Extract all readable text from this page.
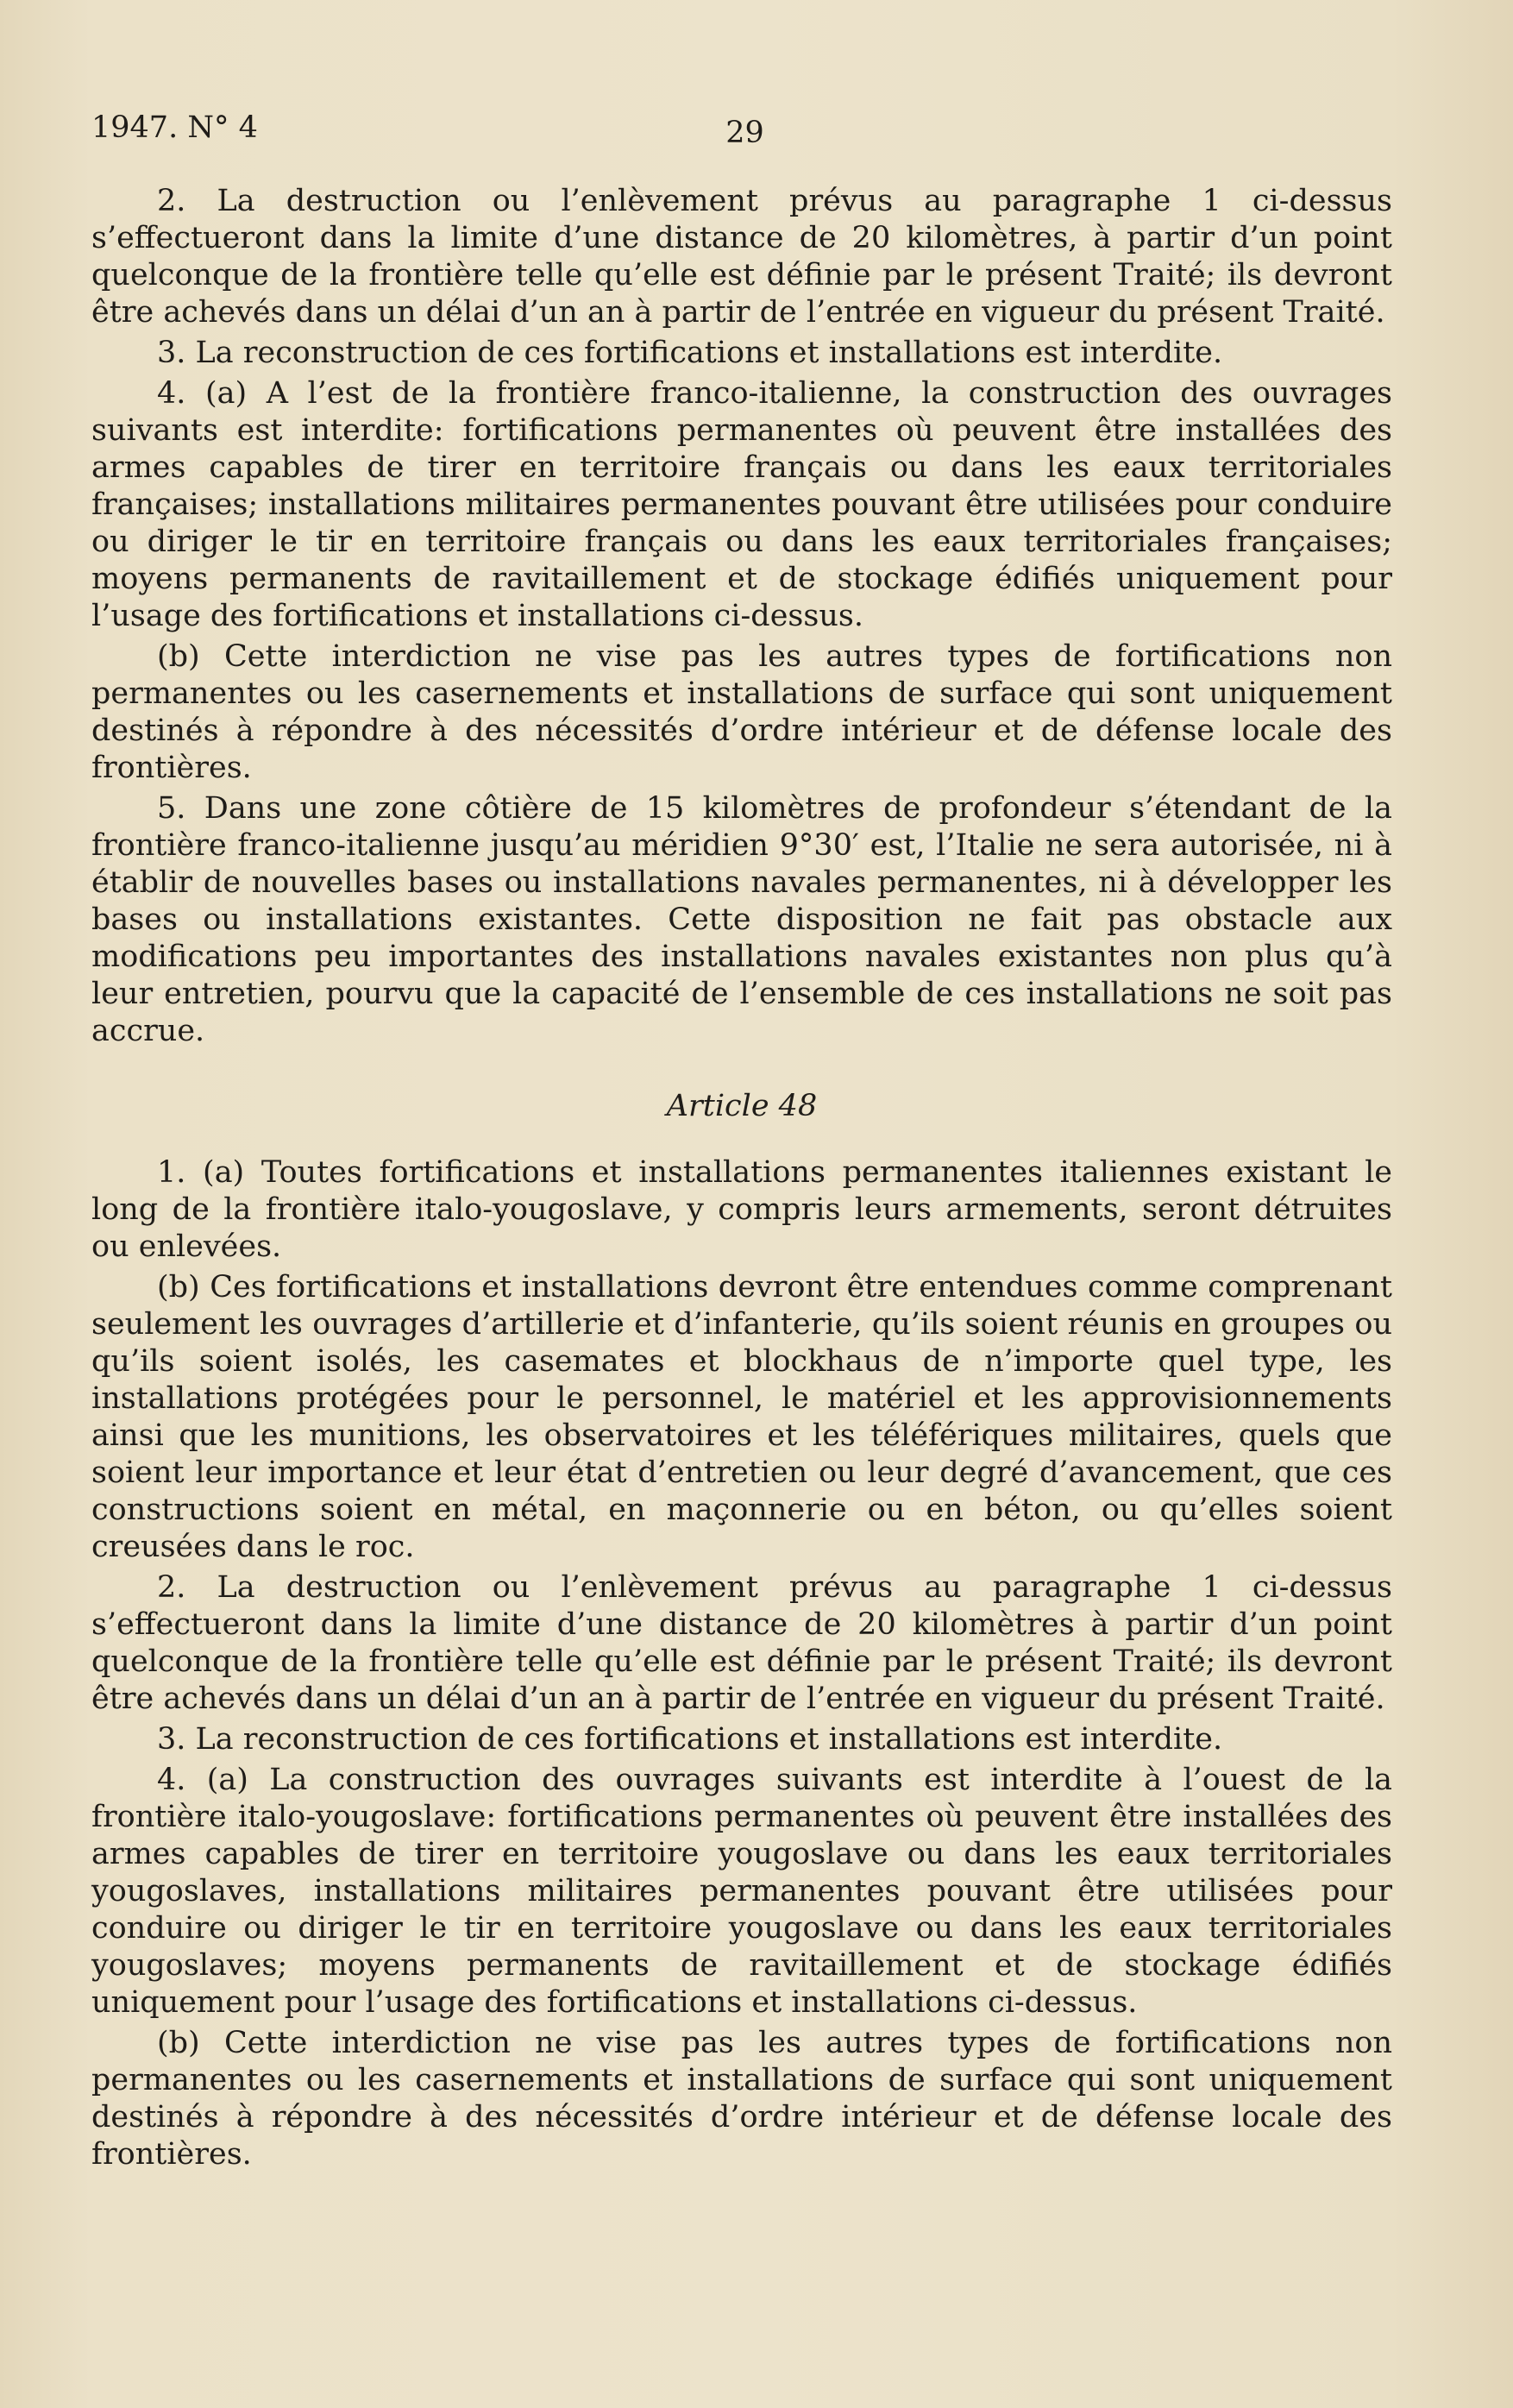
1947. N° 4	29

2. La destruction ou l’enlèvement prévus au paragraphe 1 ci-dessus s’effectueront dans la limite d’une distance de 20 kilomètres, à partir d’un point quelconque de la frontière telle qu’elle est définie par le présent Traité; ils devront être achevés dans un délai d’un an à partir de l’entrée en vigueur du présent Traité.

3. La reconstruction de ces fortifications et installations est interdite.

4. (a) A l’est de la frontière franco-italienne, la construction des ouvrages suivants est interdite: fortifications permanentes où peuvent être installées des armes capables de tirer en territoire français ou dans les eaux territoriales françaises; installations militaires permanentes pouvant être utilisées pour conduire ou diriger le tir en territoire français ou dans les eaux territoriales françaises; moyens permanents de ravitaillement et de stockage édifiés uniquement pour l’usage des fortifications et installations ci-dessus.

(b) Cette interdiction ne vise pas les autres types de fortifications non permanentes ou les casernements et installations de surface qui sont uniquement destinés à répondre à des nécessités d’ordre intérieur et de défense locale des frontières.

5. Dans une zone côtière de 15 kilomètres de profondeur s’étendant de la frontière franco-italienne jusqu’au méridien 9°30′ est, l’Italie ne sera autorisée, ni à établir de nouvelles bases ou installations navales permanentes, ni à développer les bases ou installations existantes. Cette disposition ne fait pas obstacle aux modifications peu importantes des installations navales existantes non plus qu’à leur entretien, pourvu que la capacité de l’ensemble de ces installations ne soit pas accrue.

Article 48

1. (a) Toutes fortifications et installations permanentes italiennes existant le long de la frontière italo-yougoslave, y compris leurs armements, seront détruites ou enlevées.

(b) Ces fortifications et installations devront être entendues comme comprenant seulement les ouvrages d’artillerie et d’infanterie, qu’ils soient réunis en groupes ou qu’ils soient isolés, les casemates et blockhaus de n’importe quel type, les installations protégées pour le personnel, le matériel et les approvisionnements ainsi que les munitions, les observatoires et les téléfériques militaires, quels que soient leur importance et leur état d’entretien ou leur degré d’avancement, que ces constructions soient en métal, en maçonnerie ou en béton, ou qu’elles soient creusées dans le roc.

2. La destruction ou l’enlèvement prévus au paragraphe 1 ci-dessus s’effectueront dans la limite d’une distance de 20 kilomètres à partir d’un point quelconque de la frontière telle qu’elle est définie par le présent Traité; ils devront être achevés dans un délai d’un an à partir de l’entrée en vigueur du présent Traité.

3. La reconstruction de ces fortifications et installations est interdite.

4. (a) La construction des ouvrages suivants est interdite à l’ouest de la frontière italo-yougoslave: fortifications permanentes où peuvent être installées des armes capables de tirer en territoire yougoslave ou dans les eaux territoriales yougoslaves, installations militaires permanentes pouvant être utilisées pour conduire ou diriger le tir en territoire yougoslave ou dans les eaux territoriales yougoslaves; moyens permanents de ravitaillement et de stockage édifiés uniquement pour l’usage des fortifications et installations ci-dessus.

(b) Cette interdiction ne vise pas les autres types de fortifications non permanentes ou les casernements et installations de surface qui sont uniquement destinés à répondre à des nécessités d’ordre intérieur et de défense locale des frontières.
